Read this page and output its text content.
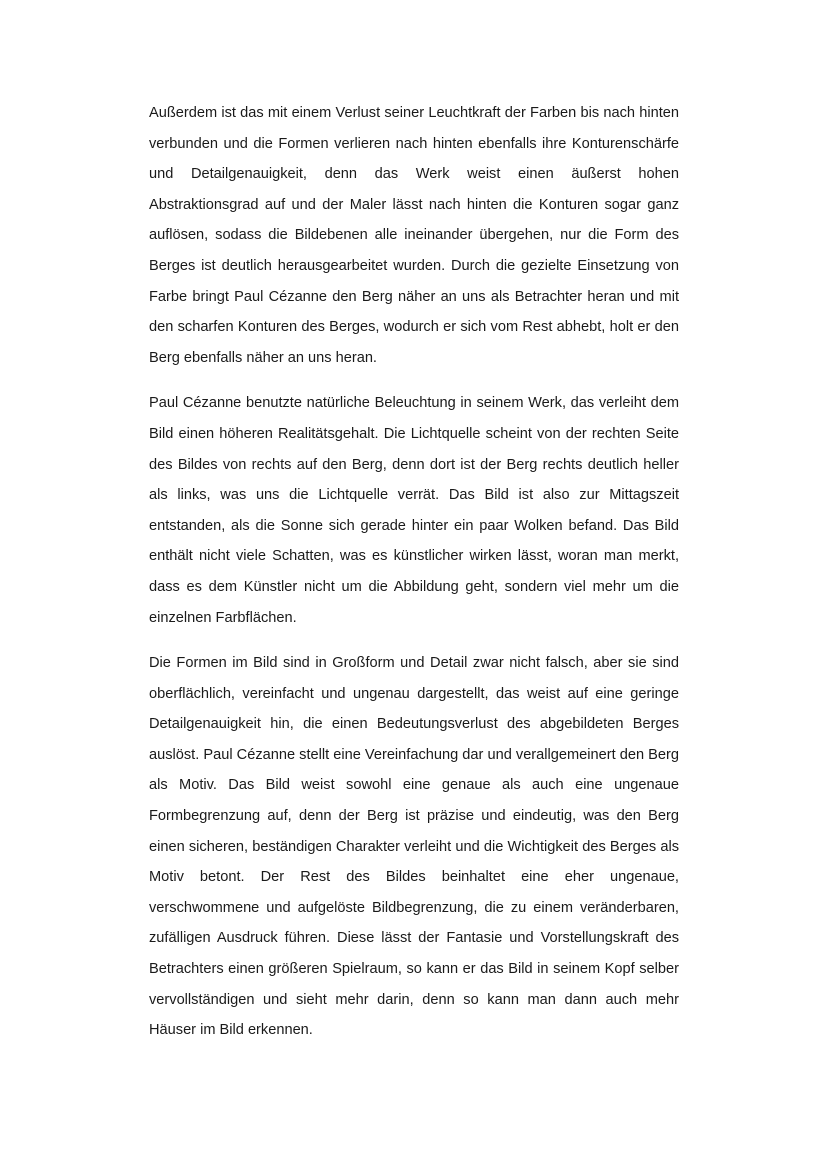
Außerdem ist das mit einem Verlust seiner Leuchtkraft der Farben bis nach hinten verbunden und die Formen verlieren nach hinten ebenfalls ihre Konturenschärfe und Detailgenauigkeit, denn das Werk weist einen äußerst hohen Abstraktionsgrad auf und der Maler lässt nach hinten die Konturen sogar ganz auflösen, sodass die Bildebenen alle ineinander übergehen, nur die Form des Berges ist deutlich herausgearbeitet wurden. Durch die gezielte Einsetzung von Farbe bringt Paul Cézanne den Berg näher an uns als Betrachter heran und mit den scharfen Konturen des Berges, wodurch er sich vom Rest abhebt, holt er den Berg ebenfalls näher an uns heran.

Paul Cézanne benutzte natürliche Beleuchtung in seinem Werk, das verleiht dem Bild einen höheren Realitätsgehalt. Die Lichtquelle scheint von der rechten Seite des Bildes von rechts auf den Berg, denn dort ist der Berg rechts deutlich heller als links, was uns die Lichtquelle verrät. Das Bild ist also zur Mittagszeit entstanden, als die Sonne sich gerade hinter ein paar Wolken befand. Das Bild enthält nicht viele Schatten, was es künstlicher wirken lässt, woran man merkt, dass es dem Künstler nicht um die Abbildung geht, sondern viel mehr um die einzelnen Farbflächen.

Die Formen im Bild sind in Großform und Detail zwar nicht falsch, aber sie sind oberflächlich, vereinfacht und ungenau dargestellt, das weist auf eine geringe Detailgenauigkeit hin, die einen Bedeutungsverlust des abgebildeten Berges auslöst. Paul Cézanne stellt eine Vereinfachung dar und verallgemeinert den Berg als Motiv. Das Bild weist sowohl eine genaue als auch eine ungenaue Formbegrenzung auf, denn der Berg ist präzise und eindeutig, was den Berg einen sicheren, beständigen Charakter verleiht und die Wichtigkeit des Berges als Motiv betont. Der Rest des Bildes beinhaltet eine eher ungenaue, verschwommene und aufgelöste Bildbegrenzung, die zu einem veränderbaren, zufälligen Ausdruck führen. Diese lässt der Fantasie und Vorstellungskraft des Betrachters einen größeren Spielraum, so kann er das Bild in seinem Kopf selber vervollständigen und sieht mehr darin, denn so kann man dann auch mehr Häuser im Bild erkennen.
